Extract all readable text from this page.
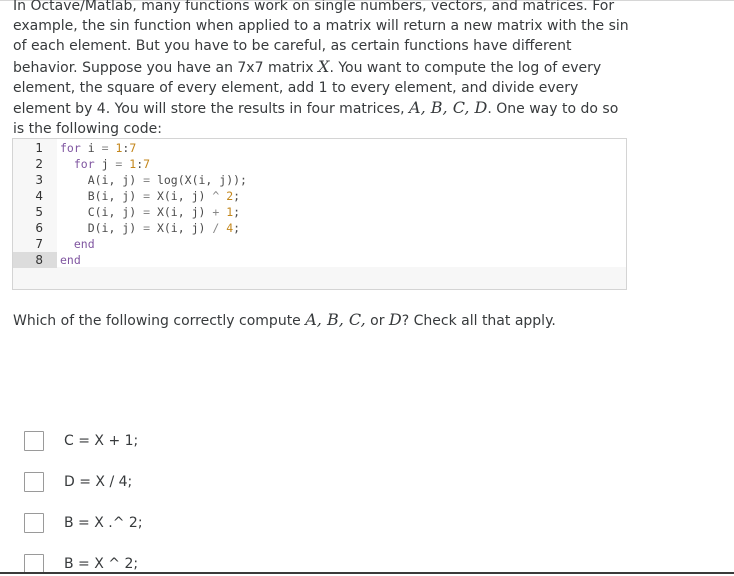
In Octave/Matlab, many functions work on single numbers, vectors, and matrices. For example, the sin function when applied to a matrix will return a new matrix with the sin of each element. But you have to be careful, as certain functions have different behavior. Suppose you have an 7x7 matrix X. You want to compute the log of every element, the square of every element, add 1 to every element, and divide every element by 4. You will store the results in four matrices, A, B, C, D. One way to do so is the following code:

1 for i = 1:7
2	for j = 1:7
3 A(i, j) = log(X(i, j));
4 B(i, j) = X(i, j) ^ 2;
5 C(i, j) = X(i, j) + 1;
6 D(i, j) = X(i, j) / 4;
7	end
8	end

Which of the following correctly compute A, B, C, or D? Check all that apply.

C = X + 1;
D = X / 4;
B = X .^ 2;
B = X ^ 2;
